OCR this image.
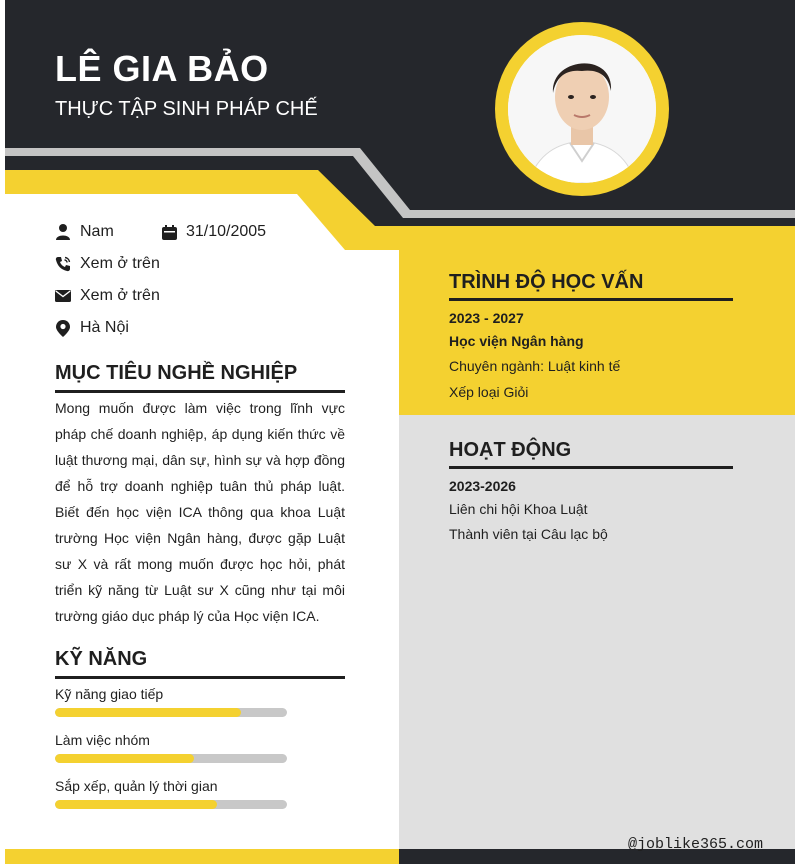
LÊ GIA BẢO
THỰC TẬP SINH PHÁP CHẾ
Nam	31/10/2005
Xem ở trên
Xem ở trên
Hà Nội
MỤC TIÊU NGHỀ NGHIỆP
Mong muốn được làm việc trong lĩnh vực pháp chế doanh nghiệp, áp dụng kiến thức về luật thương mại, dân sự, hình sự và hợp đồng để hỗ trợ doanh nghiệp tuân thủ pháp luật. Biết đến học viện ICA thông qua khoa Luật trường Học viện Ngân hàng, được gặp Luật sư X và rất mong muốn được học hỏi, phát triển kỹ năng từ Luật sư X cũng như tại môi trường giáo dục pháp lý của Học viện ICA.
KỸ NĂNG
Kỹ năng giao tiếp
Làm việc nhóm
Sắp xếp, quản lý thời gian
TRÌNH ĐỘ HỌC VẤN
2023 - 2027
Học viện Ngân hàng
Chuyên ngành: Luật kinh tế
Xếp loại Giỏi
HOẠT ĐỘNG
2023-2026
Liên chi hội Khoa Luật
Thành viên tại Câu lạc bộ
@joblike365.com
